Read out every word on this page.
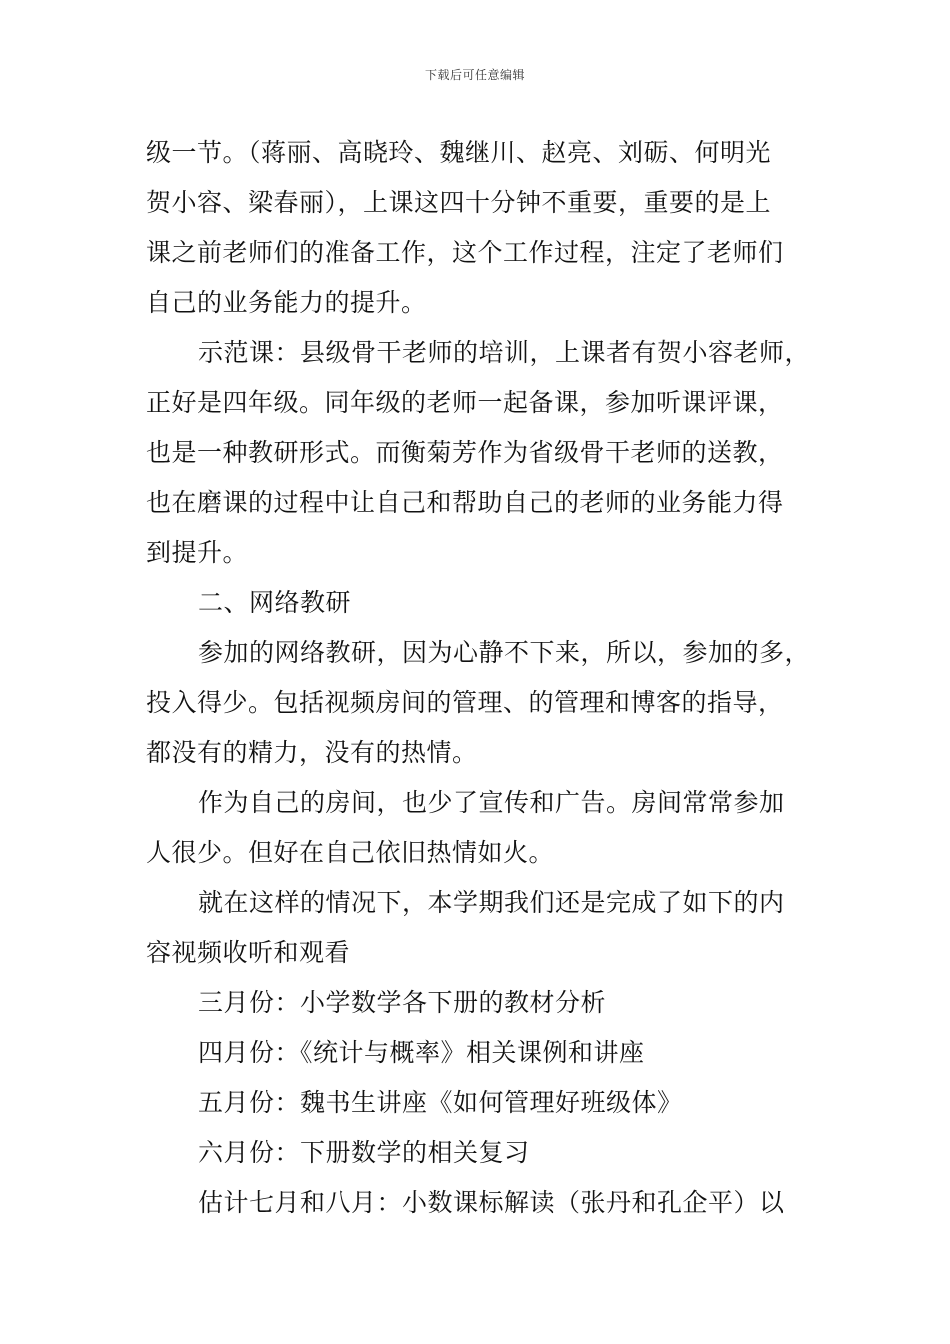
下载后可任意编辑
级一节。（蒋丽、高晓玲、魏继川、赵亮、刘砺、何明光
贺小容、梁春丽），上课这四十分钟不重要，重要的是上
课之前老师们的准备工作，这个工作过程，注定了老师们
自己的业务能力的提升。
示范课：县级骨干老师的培训，上课者有贺小容老师，
正好是四年级。同年级的老师一起备课，参加听课评课，
也是一种教研形式。而衡菊芳作为省级骨干老师的送教，
也在磨课的过程中让自己和帮助自己的老师的业务能力得
到提升。
二、网络教研
参加的网络教研，因为心静不下来，所以，参加的多，
投入得少。包括视频房间的管理、的管理和博客的指导，
都没有的精力，没有的热情。
作为自己的房间，也少了宣传和广告。房间常常参加
人很少。但好在自己依旧热情如火。
就在这样的情况下，本学期我们还是完成了如下的内
容视频收听和观看
三月份：小学数学各下册的教材分析
四月份：《统计与概率》相关课例和讲座
五月份：魏书生讲座《如何管理好班级体》
六月份：下册数学的相关复习
估计七月和八月：小数课标解读（张丹和孔企平）以
